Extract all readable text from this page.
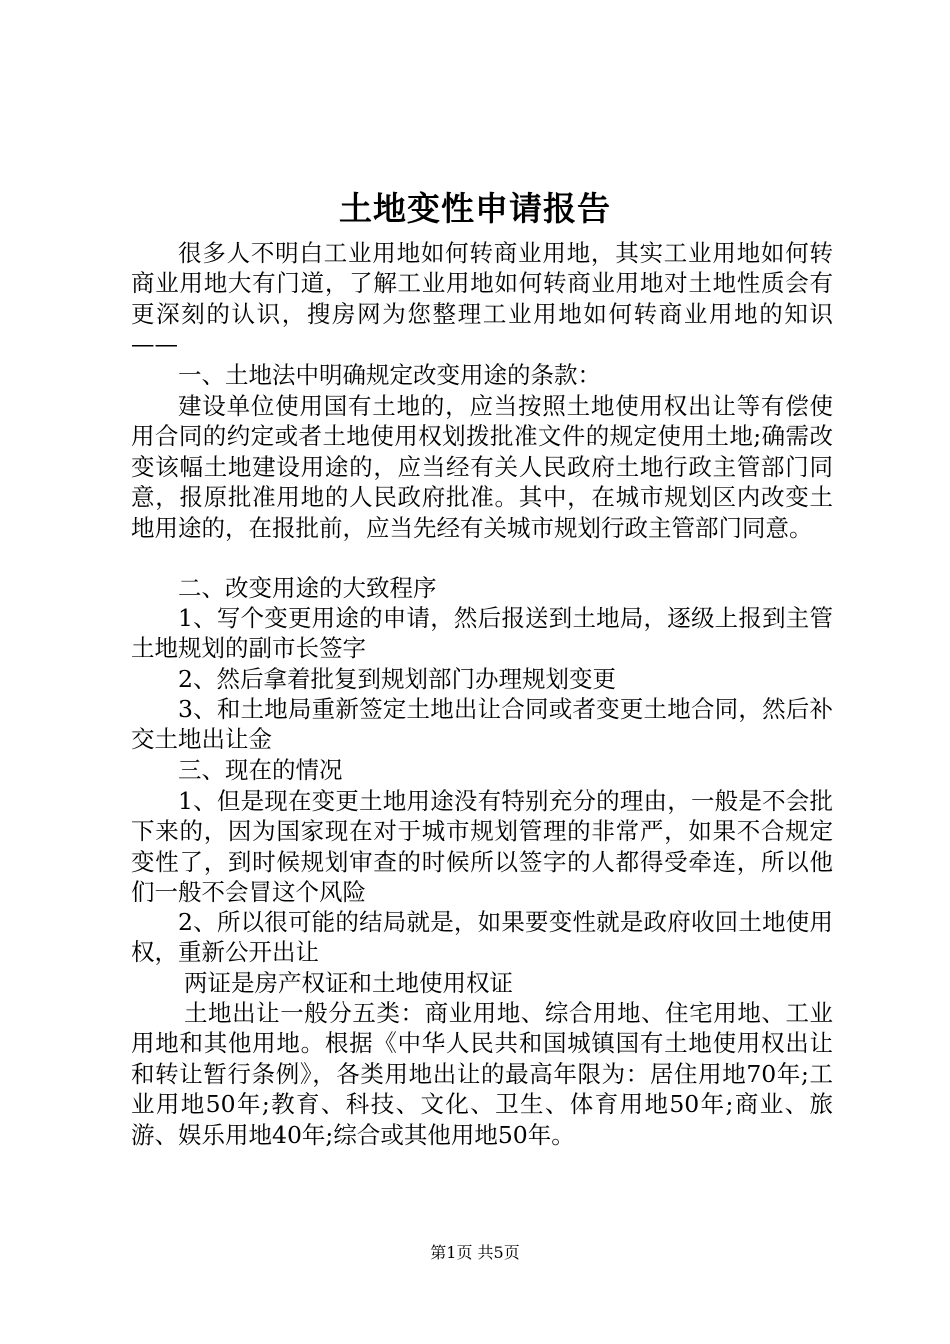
土地变性申请报告

很多人不明白工业用地如何转商业用地，其实工业用地如何转商业用地大有门道，了解工业用地如何转商业用地对土地性质会有更深刻的认识，搜房网为您整理工业用地如何转商业用地的知识——

一、土地法中明确规定改变用途的条款：

建设单位使用国有土地的，应当按照土地使用权出让等有偿使用合同的约定或者土地使用权划拨批准文件的规定使用土地;确需改变该幅土地建设用途的，应当经有关人民政府土地行政主管部门同意，报原批准用地的人民政府批准。其中，在城市规划区内改变土地用途的，在报批前，应当先经有关城市规划行政主管部门同意。

二、改变用途的大致程序

1、写个变更用途的申请，然后报送到土地局，逐级上报到主管土地规划的副市长签字

2、然后拿着批复到规划部门办理规划变更

3、和土地局重新签定土地出让合同或者变更土地合同，然后补交土地出让金

三、现在的情况

1、但是现在变更土地用途没有特别充分的理由，一般是不会批下来的，因为国家现在对于城市规划管理的非常严，如果不合规定变性了，到时候规划审查的时候所以签字的人都得受牵连，所以他们一般不会冒这个风险

2、所以很可能的结局就是，如果要变性就是政府收回土地使用权，重新公开出让

两证是房产权证和土地使用权证

土地出让一般分五类：商业用地、综合用地、住宅用地、工业用地和其他用地。根据《中华人民共和国城镇国有土地使用权出让和转让暂行条例》，各类用地出让的最高年限为：居住用地70年;工业用地50年;教育、科技、文化、卫生、体育用地50年;商业、旅游、娱乐用地40年;综合或其他用地50年。

第1页 共5页
